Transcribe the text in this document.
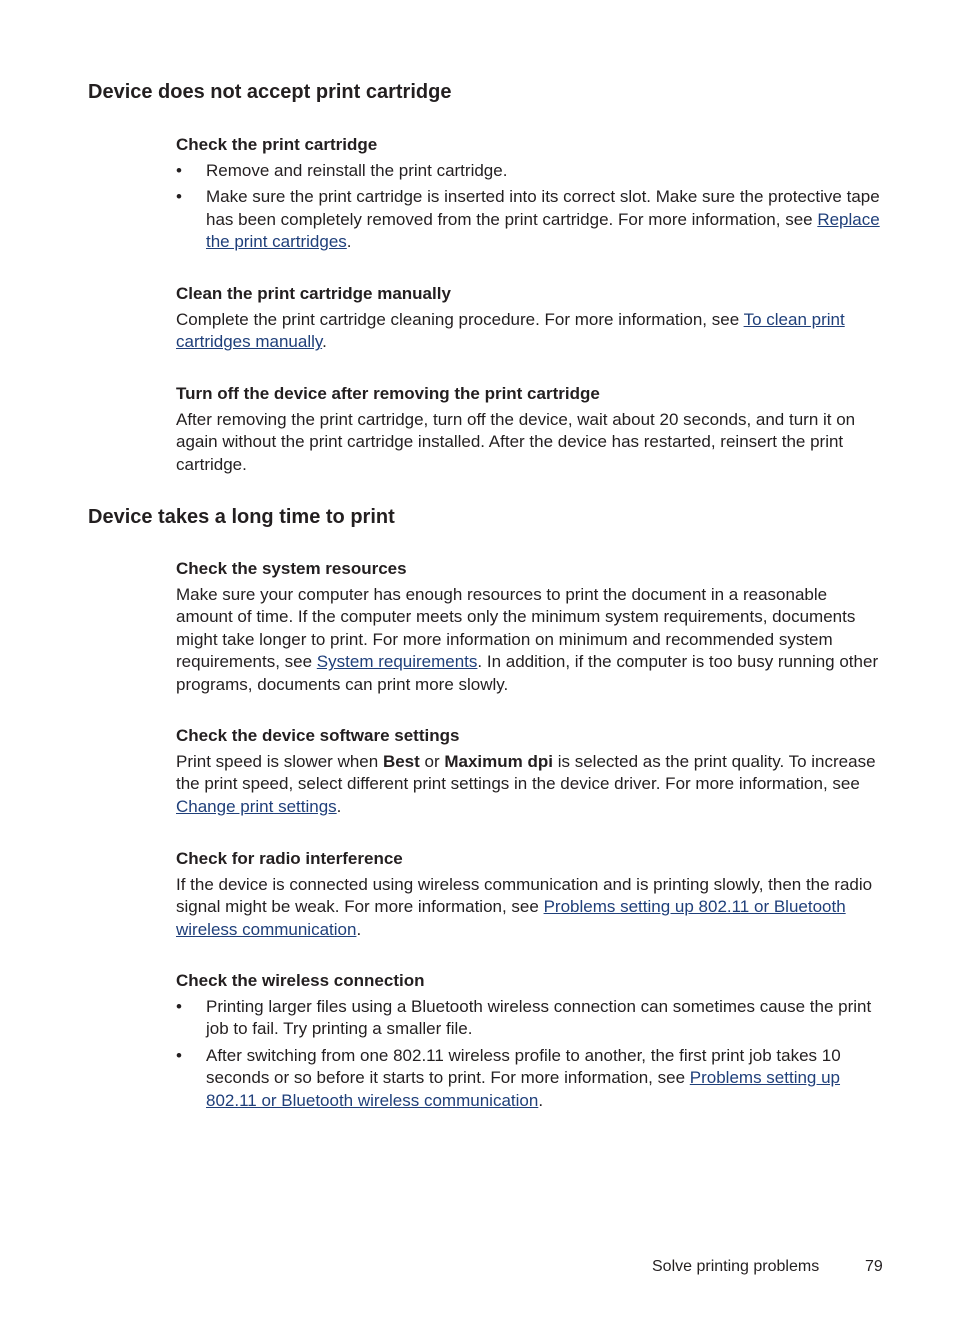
Device does not accept print cartridge
Check the print cartridge
• Remove and reinstall the print cartridge.
• Make sure the print cartridge is inserted into its correct slot. Make sure the protective tape has been completely removed from the print cartridge. For more information, see Replace the print cartridges.
Clean the print cartridge manually

Complete the print cartridge cleaning procedure. For more information, see To clean print cartridges manually.

Turn off the device after removing the print cartridge

After removing the print cartridge, turn off the device, wait about 20 seconds, and turn it on again without the print cartridge installed. After the device has restarted, reinsert the print cartridge.

Device takes a long time to print
Check the system resources

Make sure your computer has enough resources to print the document in a reasonable amount of time. If the computer meets only the minimum system requirements, documents might take longer to print. For more information on minimum and recommended system requirements, see System requirements. In addition, if the computer is too busy running other programs, documents can print more slowly.

Check the device software settings

Print speed is slower when Best or Maximum dpi is selected as the print quality. To increase the print speed, select different print settings in the device driver. For more information, see Change print settings.

Check for radio interference

If the device is connected using wireless communication and is printing slowly, then the radio signal might be weak. For more information, see Problems setting up 802.11 or Bluetooth wireless communication.

Check the wireless connection
• Printing larger files using a Bluetooth wireless connection can sometimes cause the print job to fail. Try printing a smaller file.
• After switching from one 802.11 wireless profile to another, the first print job takes 10 seconds or so before it starts to print. For more information, see Problems setting up 802.11 or Bluetooth wireless communication.
Solve printing problems	79
